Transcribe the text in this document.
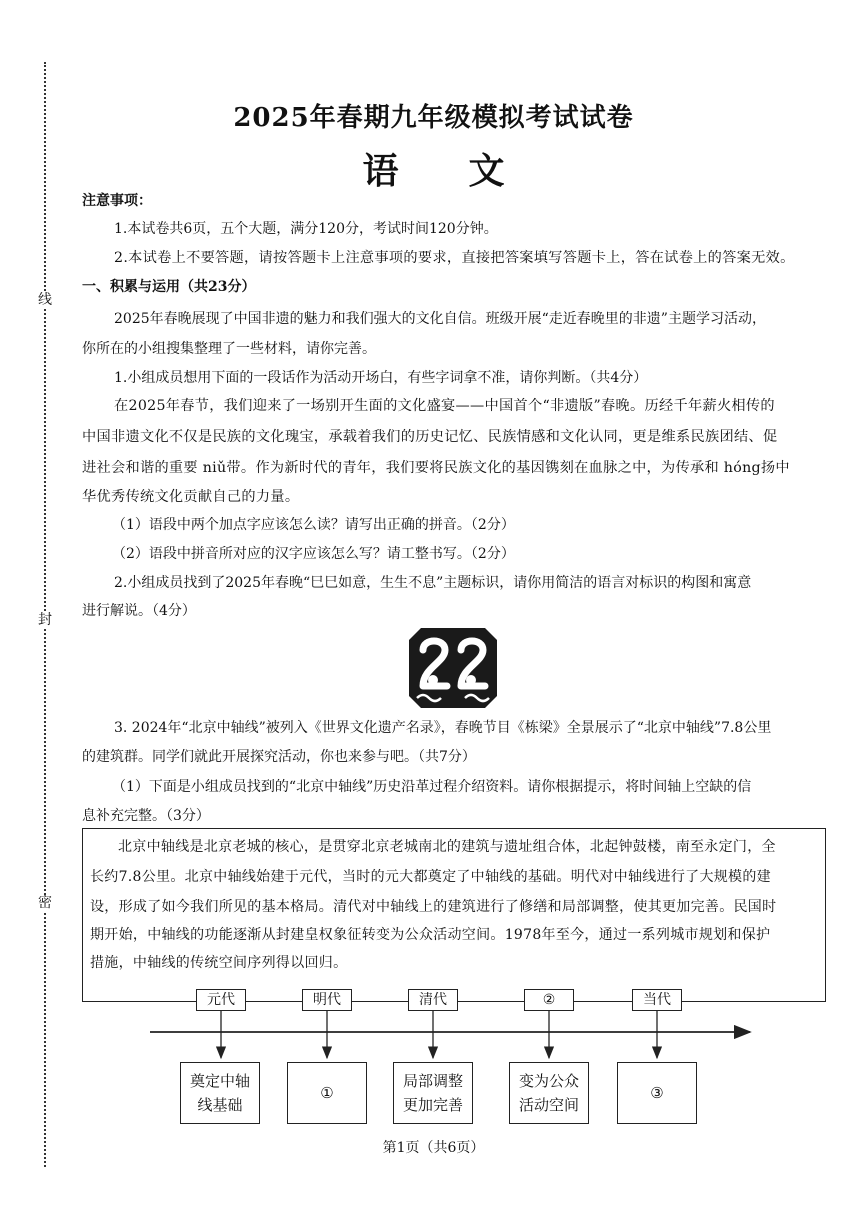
线
封
密
2025年春期九年级模拟考试试卷
语文
注意事项：
1.本试卷共6页，五个大题，满分120分，考试时间120分钟。
2.本试卷上不要答题，请按答题卡上注意事项的要求，直接把答案填写答题卡上，答在试卷上的答案无效。
一、积累与运用（共23分）
2025年春晚展现了中国非遗的魅力和我们强大的文化自信。班级开展“走近春晚里的非遗”主题学习活动，
你所在的小组搜集整理了一些材料，请你完善。
1.小组成员想用下面的一段话作为活动开场白，有些字词拿不准，请你判断。（共4分）
在2025年春节，我们迎来了一场别开生面的文化盛宴——中国首个“非遗版”春晚。历经千年薪火相传的
中国非遗文化不仅是民族的文化瑰宝，承载着我们的历史记忆、民族情感和文化认同，更是维系民族团结、促
进社会和谐的重要 niǔ带。作为新时代的青年，我们要将民族文化的基因镌刻在血脉之中，为传承和 hóng扬中
华优秀传统文化贡献自己的力量。
（1）语段中两个加点字应该怎么读？请写出正确的拼音。（2分）
（2）语段中拼音所对应的汉字应该怎么写？请工整书写。（2分）
2.小组成员找到了2025年春晚“巳巳如意，生生不息”主题标识，请你用简洁的语言对标识的构图和寓意
进行解说。（4分）
3. 2024年“北京中轴线”被列入《世界文化遗产名录》，春晚节目《栋梁》全景展示了“北京中轴线”7.8公里
的建筑群。同学们就此开展探究活动，你也来参与吧。（共7分）
（1）下面是小组成员找到的“北京中轴线”历史沿革过程介绍资料。请你根据提示，将时间轴上空缺的信
息补充完整。（3分）
北京中轴线是北京老城的核心，是贯穿北京老城南北的建筑与遗址组合体，北起钟鼓楼，南至永定门，全
长约7.8公里。北京中轴线始建于元代，当时的元大都奠定了中轴线的基础。明代对中轴线进行了大规模的建
设，形成了如今我们所见的基本格局。清代对中轴线上的建筑进行了修缮和局部调整，使其更加完善。民国时
期开始，中轴线的功能逐渐从封建皇权象征转变为公众活动空间。1978年至今，通过一系列城市规划和保护
措施，中轴线的传统空间序列得以回归。
元代	明代	清代	②	当代
奠定中轴
线基础
①
局部调整
更加完善
变为公众
活动空间
③
第1页（共6页）
